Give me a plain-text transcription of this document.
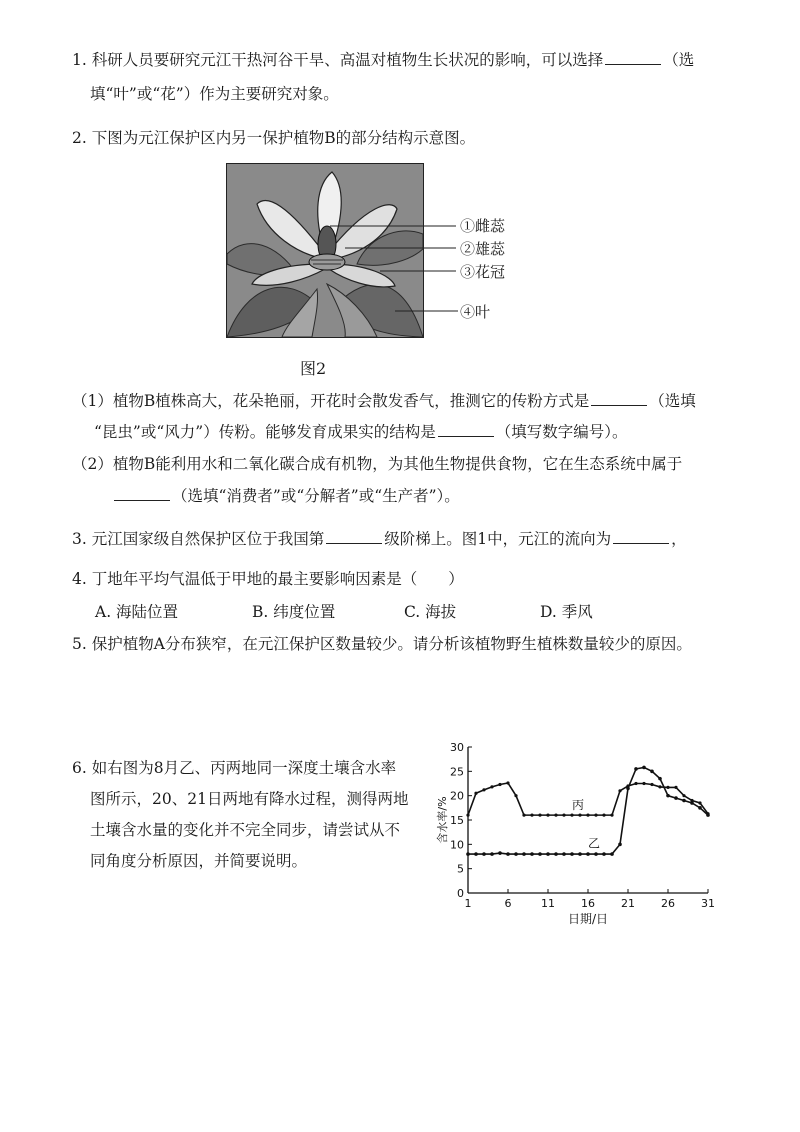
1. 科研人员要研究元江干热河谷干旱、高温对植物生长状况的影响，可以选择	（选
填“叶”或“花”）作为主要研究对象。
2. 下图为元江保护区内另一保护植物B的部分结构示意图。
①雌蕊
②雄蕊
③花冠
④叶
图2
（1）植物B植株高大，花朵艳丽，开花时会散发香气，推测它的传粉方式是	（选填
“昆虫”或“风力”）传粉。能够发育成果实的结构是	（填写数字编号）。
（2）植物B能利用水和二氧化碳合成有机物，为其他生物提供食物，它在生态系统中属于
（选填“消费者”或“分解者”或“生产者”）。
3. 元江国家级自然保护区位于我国第	级阶梯上。图1中，元江的流向为	，
4. 丁地年平均气温低于甲地的最主要影响因素是（　　）
A. 海陆位置	B. 纬度位置	C. 海拔	D. 季风
5. 保护植物A分布狭窄，在元江保护区数量较少。请分析该植物野生植株数量较少的原因。
6. 如右图为8月乙、丙两地同一深度土壤含水率
图所示，20、21日两地有降水过程，测得两地
土壤含水量的变化并不完全同步，请尝试从不
同角度分析原因，并简要说明。
0
5
10
15
20
25
30
1	6	11 16 21 26 31
日期/日
含水率/%	丙
乙
